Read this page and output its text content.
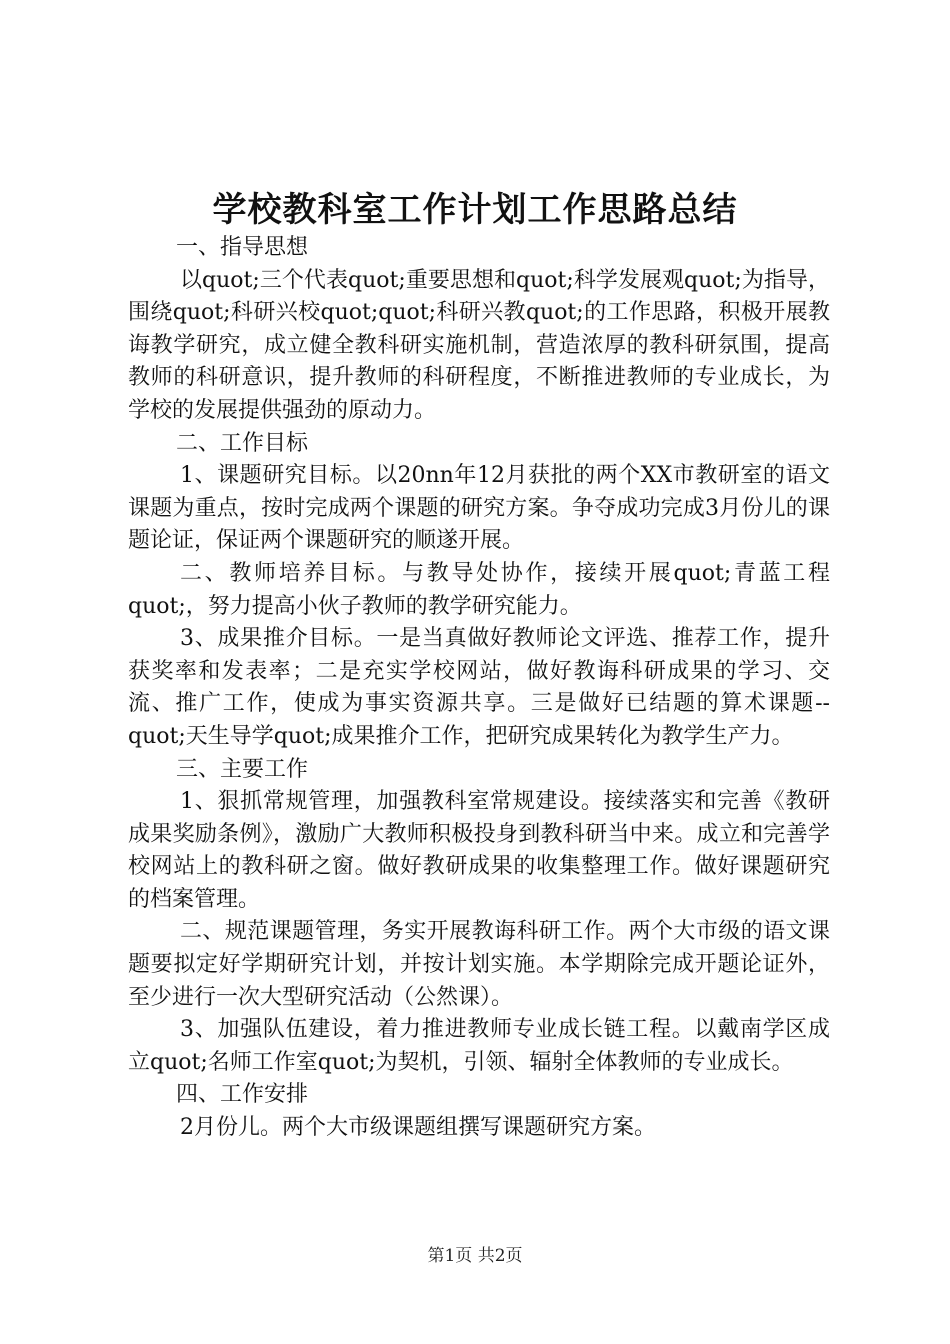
学校教科室工作计划工作思路总结

一、指导思想

以quot;三个代表quot;重要思想和quot;科学发展观quot;为指导，围绕quot;科研兴校quot;quot;科研兴教quot;的工作思路，积极开展教诲教学研究，成立健全教科研实施机制，营造浓厚的教科研氛围，提高教师的科研意识，提升教师的科研程度，不断推进教师的专业成长，为学校的发展提供强劲的原动力。

二、工作目标

1、课题研究目标。以20nn年12月获批的两个XX市教研室的语文课题为重点，按时完成两个课题的研究方案。争夺成功完成3月份儿的课题论证，保证两个课题研究的顺遂开展。

二、教师培养目标。与教导处协作，接续开展quot;青蓝工程quot;，努力提高小伙子教师的教学研究能力。

3、成果推介目标。一是当真做好教师论文评选、推荐工作，提升获奖率和发表率；二是充实学校网站，做好教诲科研成果的学习、交流、推广工作，使成为事实资源共享。三是做好已结题的算术课题--quot;天生导学quot;成果推介工作，把研究成果转化为教学生产力。

三、主要工作

1、狠抓常规管理，加强教科室常规建设。接续落实和完善《教研成果奖励条例》，激励广大教师积极投身到教科研当中来。成立和完善学校网站上的教科研之窗。做好教研成果的收集整理工作。做好课题研究的档案管理。

二、规范课题管理，务实开展教诲科研工作。两个大市级的语文课题要拟定好学期研究计划，并按计划实施。本学期除完成开题论证外，至少进行一次大型研究活动（公然课）。

3、加强队伍建设，着力推进教师专业成长链工程。以戴南学区成立quot;名师工作室quot;为契机，引领、辐射全体教师的专业成长。

四、工作安排

2月份儿。两个大市级课题组撰写课题研究方案。

第1页 共2页
